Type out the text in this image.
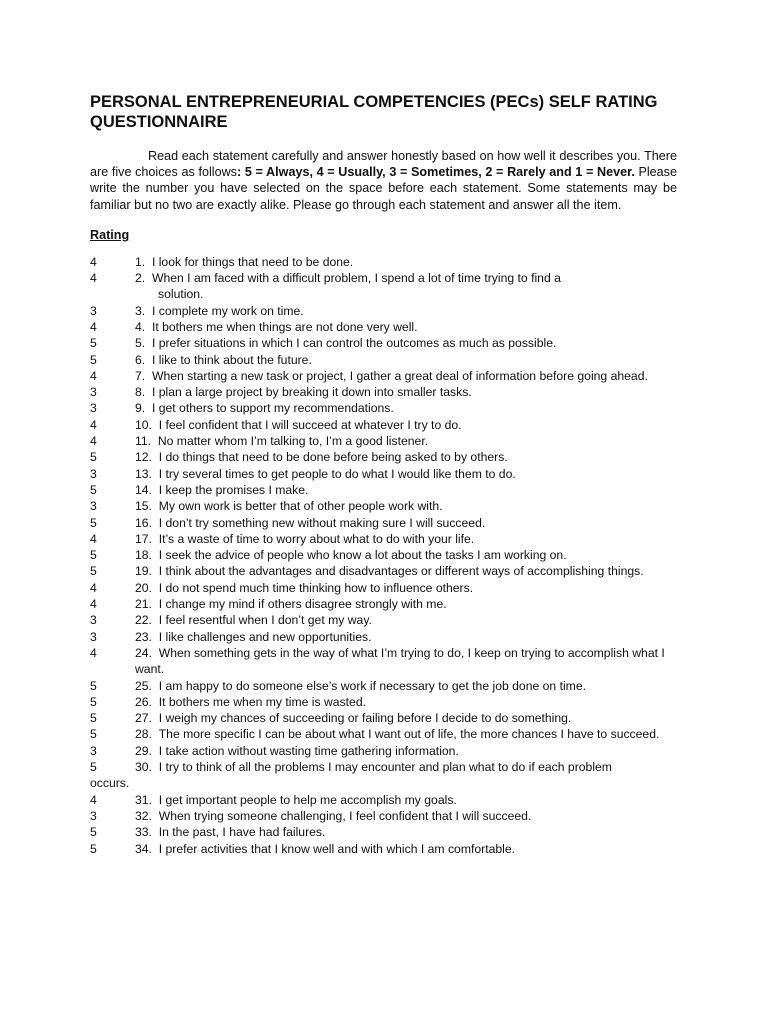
PERSONAL ENTREPRENEURIAL COMPETENCIES (PECs) SELF RATING QUESTIONNAIRE

Read each statement carefully and answer honestly based on how well it describes you. There are five choices as follows: 5 = Always, 4 = Usually, 3 = Sometimes, 2 = Rarely and 1 = Never. Please write the number you have selected on the space before each statement. Some statements may be familiar but no two are exactly alike. Please go through each statement and answer all the item.

Rating
4	1. I look for things that need to be done.
4	2. When I am faced with a difficult problem, I spend a lot of time trying to find a
solution.
3	3. I complete my work on time.
4	4. It bothers me when things are not done very well.
5	5. I prefer situations in which I can control the outcomes as much as possible.
5	6. I like to think about the future.
4	7. When starting a new task or project, I gather a great deal of information before going ahead.
3	8. I plan a large project by breaking it down into smaller tasks.
3	9. I get others to support my recommendations.
4	10. I feel confident that I will succeed at whatever I try to do.
4	11. No matter whom I’m talking to, I’m a good listener.
5	12. I do things that need to be done before being asked to by others.
3	13. I try several times to get people to do what I would like them to do.
5	14. I keep the promises I make.
3	15. My own work is better that of other people work with.
5	16. I don’t try something new without making sure I will succeed.
4	17. It’s a waste of time to worry about what to do with your life.
5	18. I seek the advice of people who know a lot about the tasks I am working on.
5	19. I think about the advantages and disadvantages or different ways of accomplishing things.
4	20. I do not spend much time thinking how to influence others.
4	21. I change my mind if others disagree strongly with me.
3	22. I feel resentful when I don’t get my way.
3	23. I like challenges and new opportunities.
4	24. When something gets in the way of what I’m trying to do, I keep on trying to accomplish what I want.
5	25. I am happy to do someone else’s work if necessary to get the job done on time.
5	26. It bothers me when my time is wasted.
5	27. I weigh my chances of succeeding or failing before I decide to do something.
5	28. The more specific I can be about what I want out of life, the more chances I have to succeed.
3	29. I take action without wasting time gathering information.
5	30. I try to think of all the problems I may encounter and plan what to do if each problem
occurs.
4	31. I get important people to help me accomplish my goals.
3	32. When trying someone challenging, I feel confident that I will succeed.
5	33. In the past, I have had failures.
5	34. I prefer activities that I know well and with which I am comfortable.
